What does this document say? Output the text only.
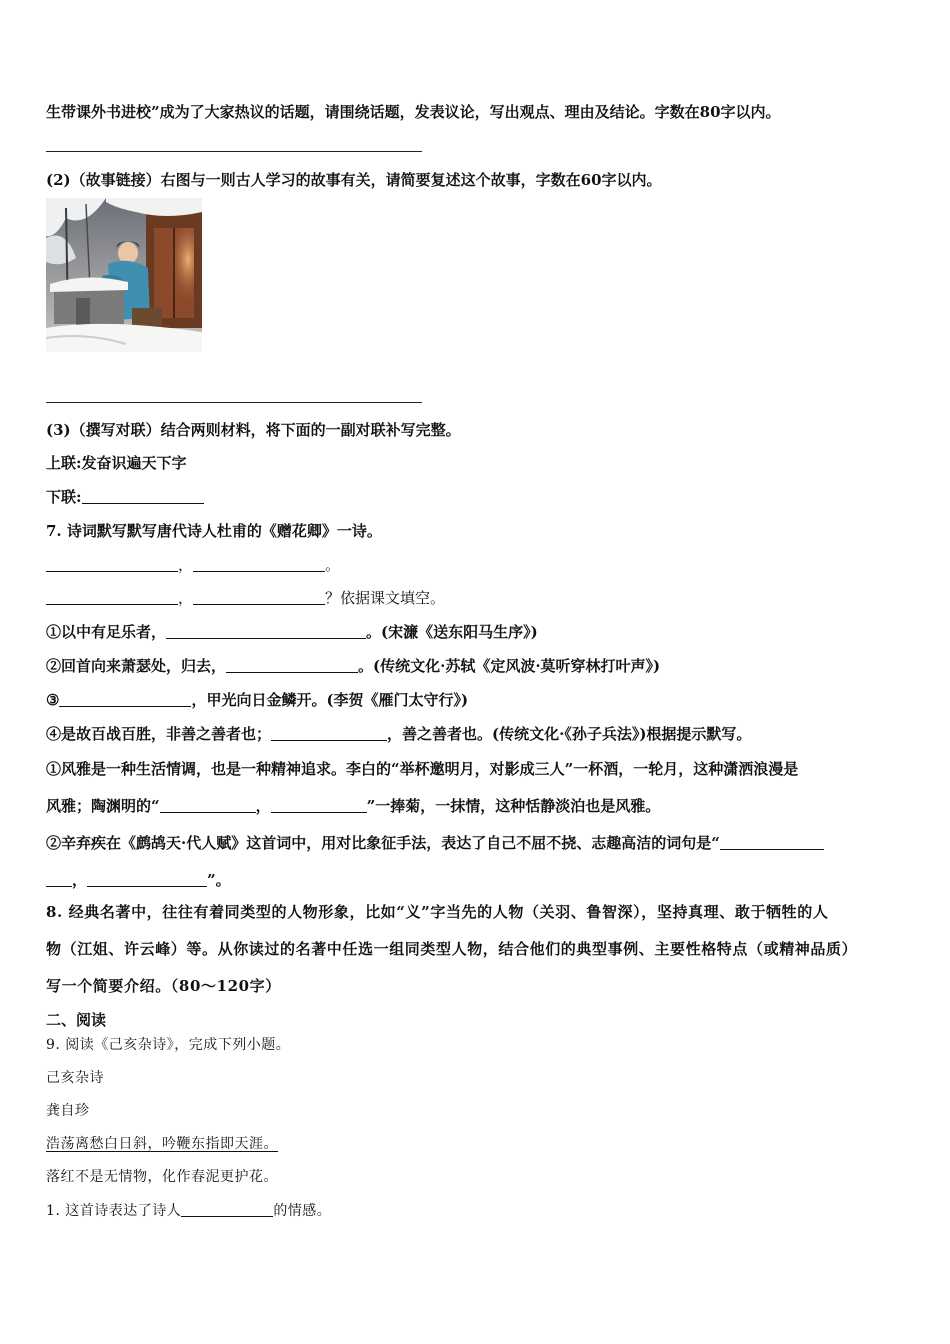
生带课外书进校”成为了大家热议的话题，请围绕话题，发表议论，写出观点、理由及结论。字数在80字以内。
(2)（故事链接）右图与一则古人学习的故事有关，请简要复述这个故事，字数在60字以内。
(3)（撰写对联）结合两则材料，将下面的一副对联补写完整。
上联:发奋识遍天下字
下联:
7. 诗词默写默写唐代诗人杜甫的《赠花卿》一诗。
，	。
，	？依据课文填空。
①以中有足乐者，	。(宋濂《送东阳马生序》)
②回首向来萧瑟处，归去，	。(传统文化·苏轼《定风波·莫听穿林打叶声》)
③	，甲光向日金鳞开。(李贺《雁门太守行》)
④是故百战百胜，非善之善者也；	，善之善者也。(传统文化·《孙子兵法》)根据提示默写。
①风雅是一种生活情调，也是一种精神追求。李白的“举杯邀明月，对影成三人”一杯酒，一轮月，这种潇洒浪漫是
风雅；陶渊明的“	，	”一捧菊，一抹情，这种恬静淡泊也是风雅。
②辛弃疾在《鹧鸪天·代人赋》这首词中，用对比象征手法，表达了自己不屈不挠、志趣高洁的词句是“
，	”。
8. 经典名著中，往往有着同类型的人物形象，比如“义”字当先的人物（关羽、鲁智深），坚持真理、敢于牺牲的人
物（江姐、许云峰）等。从你读过的名著中任选一组同类型人物，结合他们的典型事例、主要性格特点（或精神品质）
写一个简要介绍。（80～120字）
二、阅读
9. 阅读《己亥杂诗》，完成下列小题。
己亥杂诗
龚自珍
浩荡离愁白日斜，吟鞭东指即天涯。
落红不是无情物，化作春泥更护花。
1. 这首诗表达了诗人	的情感。
